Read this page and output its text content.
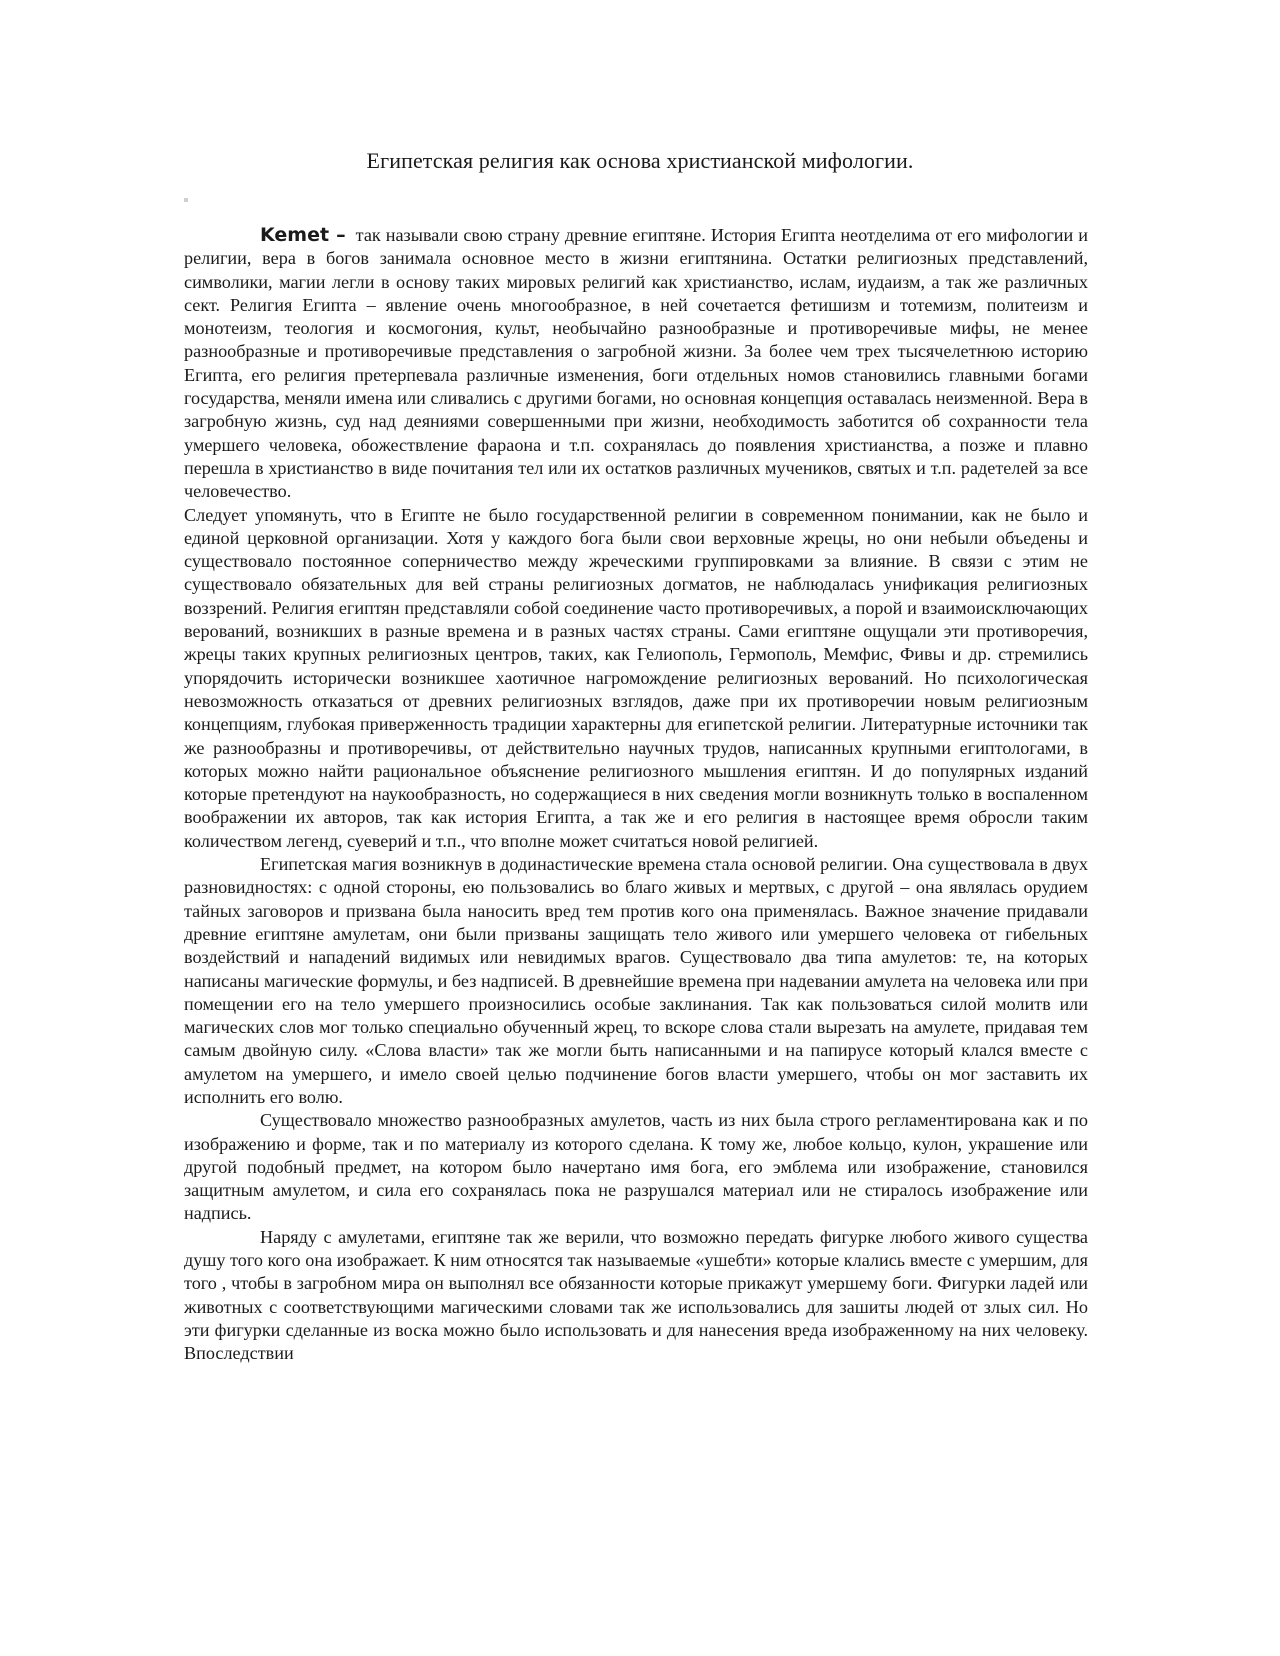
Египетская религия как основа христианской мифологии.

Kemet – так называли свою страну древние египтяне. История Египта неотделима от его мифологии и религии, вера в богов занимала основное место в жизни египтянина. Остатки религиозных представлений, символики, магии легли в основу таких мировых религий как христианство, ислам, иудаизм, а так же различных сект. Религия Египта – явление очень многообразное, в ней сочетается фетишизм и тотемизм, политеизм и монотеизм, теология и космогония, культ, необычайно разнообразные и противоречивые мифы, не менее разнообразные и противоречивые представления о загробной жизни. За более чем трех тысячелетнюю историю Египта, его религия претерпевала различные изменения, боги отдельных номов становились главными богами государства, меняли имена или сливались с другими богами, но основная концепция оставалась неизменной. Вера в загробную жизнь, суд над деяниями совершенными при жизни, необходимость заботится об сохранности тела умершего человека, обожествление фараона и т.п. сохранялась до появления христианства, а позже и плавно перешла в христианство в виде почитания тел или их остатков различных мучеников, святых и т.п. радетелей за все человечество.

Следует упомянуть, что в Египте не было государственной религии в современном понимании, как не было и единой церковной организации. Хотя у каждого бога были свои верховные жрецы, но они небыли объедены и существовало постоянное соперничество между жреческими группировками за влияние. В связи с этим не существовало обязательных для вей страны религиозных догматов, не наблюдалась унификация религиозных воззрений. Религия египтян представляли собой соединение часто противоречивых, а порой и взаимоисключающих верований, возникших в разные времена и в разных частях страны. Сами египтяне ощущали эти противоречия, жрецы таких крупных религиозных центров, таких, как Гелиополь, Гермополь, Мемфис, Фивы и др. стремились упорядочить исторически возникшее хаотичное нагромождение религиозных верований. Но психологическая невозможность отказаться от древних религиозных взглядов, даже при их противоречии новым религиозным концепциям, глубокая приверженность традиции характерны для египетской религии. Литературные источники так же разнообразны и противоречивы, от действительно научных трудов, написанных крупными египтологами, в которых можно найти рациональное объяснение религиозного мышления египтян. И до популярных изданий которые претендуют на наукообразность, но содержащиеся в них сведения могли возникнуть только в воспаленном воображении их авторов, так как история Египта, а так же и его религия в настоящее время обросли таким количеством легенд, суеверий и т.п., что вполне может считаться новой религией.

Египетская магия возникнув в додинастические времена стала основой религии. Она существовала в двух разновидностях: с одной стороны, ею пользовались во благо живых и мертвых, с другой – она являлась орудием тайных заговоров и призвана была наносить вред тем против кого она применялась. Важное значение придавали древние египтяне амулетам, они были призваны защищать тело живого или умершего человека от гибельных воздействий и нападений видимых или невидимых врагов. Существовало два типа амулетов: те, на которых написаны магические формулы, и без надписей. В древнейшие времена при надевании амулета на человека или при помещении его на тело умершего произносились особые заклинания. Так как пользоваться силой молитв или магических слов мог только специально обученный жрец, то вскоре слова стали вырезать на амулете, придавая тем самым двойную силу. «Слова власти» так же могли быть написанными и на папирусе который клался вместе с амулетом на умершего, и имело своей целью подчинение богов власти умершего, чтобы он мог заставить их исполнить его волю.

Существовало множество разнообразных амулетов, часть из них была строго регламентирована как и по изображению и форме, так и по материалу из которого сделана. К тому же, любое кольцо, кулон, украшение или другой подобный предмет, на котором было начертано имя бога, его эмблема или изображение, становился защитным амулетом, и сила его сохранялась пока не разрушался материал или не стиралось изображение или надпись.

Наряду с амулетами, египтяне так же верили, что возможно передать фигурке любого живого существа душу того кого она изображает. К ним относятся так называемые «ушебти» которые клались вместе с умершим, для того , чтобы в загробном мира он выполнял все обязанности которые прикажут умершему боги. Фигурки ладей или животных с соответствующими магическими словами так же использовались для зашиты людей от злых сил. Но эти фигурки сделанные из воска можно было использовать и для нанесения вреда изображенному на них человеку. Впоследствии
